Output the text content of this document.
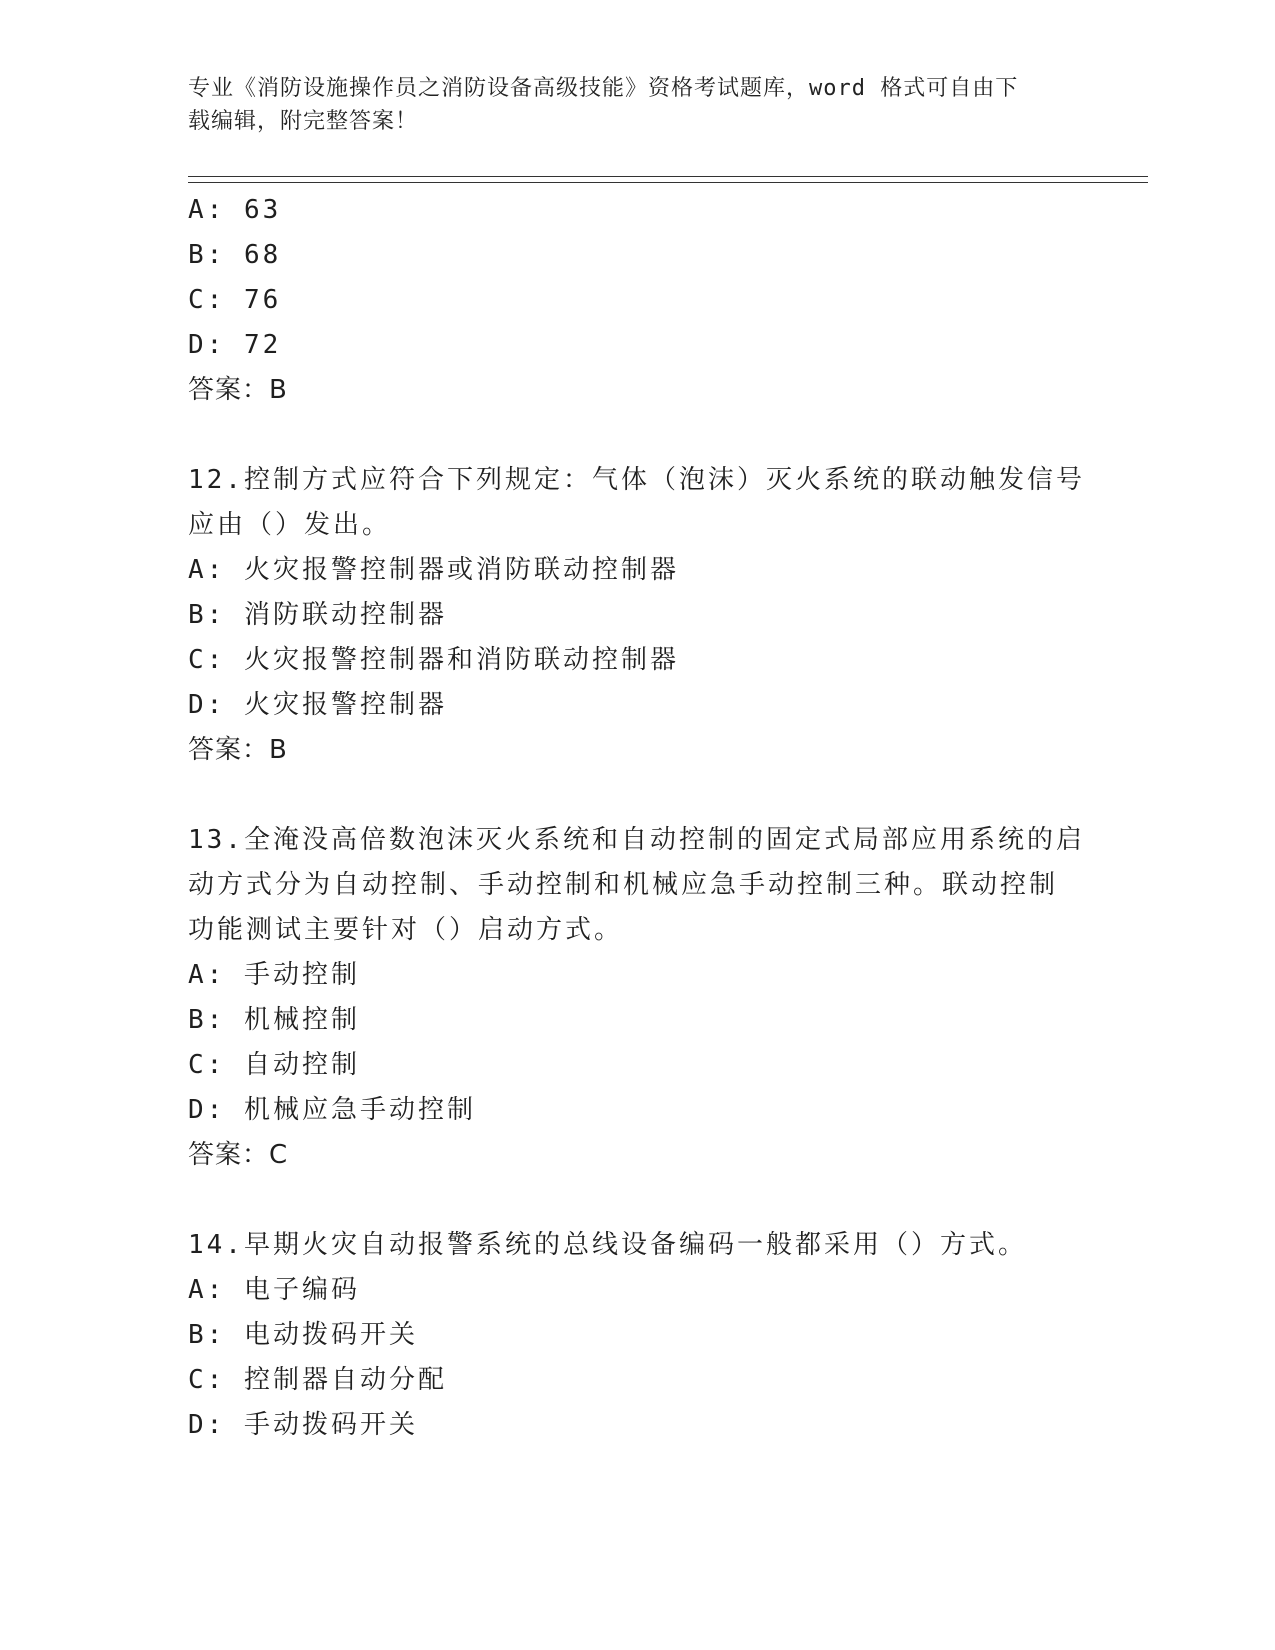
专业《消防设施操作员之消防设备高级技能》资格考试题库，word 格式可自由下
载编辑，附完整答案！
A: 63
B: 68
C: 76
D: 72
答案：B
12.控制方式应符合下列规定：气体（泡沫）灭火系统的联动触发信号
应由（）发出。
A: 火灾报警控制器或消防联动控制器
B: 消防联动控制器
C: 火灾报警控制器和消防联动控制器
D: 火灾报警控制器
答案：B
13.全淹没高倍数泡沫灭火系统和自动控制的固定式局部应用系统的启
动方式分为自动控制、手动控制和机械应急手动控制三种。联动控制
功能测试主要针对（）启动方式。
A: 手动控制
B: 机械控制
C: 自动控制
D: 机械应急手动控制
答案：C
14.早期火灾自动报警系统的总线设备编码一般都采用（）方式。
A: 电子编码
B: 电动拨码开关
C: 控制器自动分配
D: 手动拨码开关
